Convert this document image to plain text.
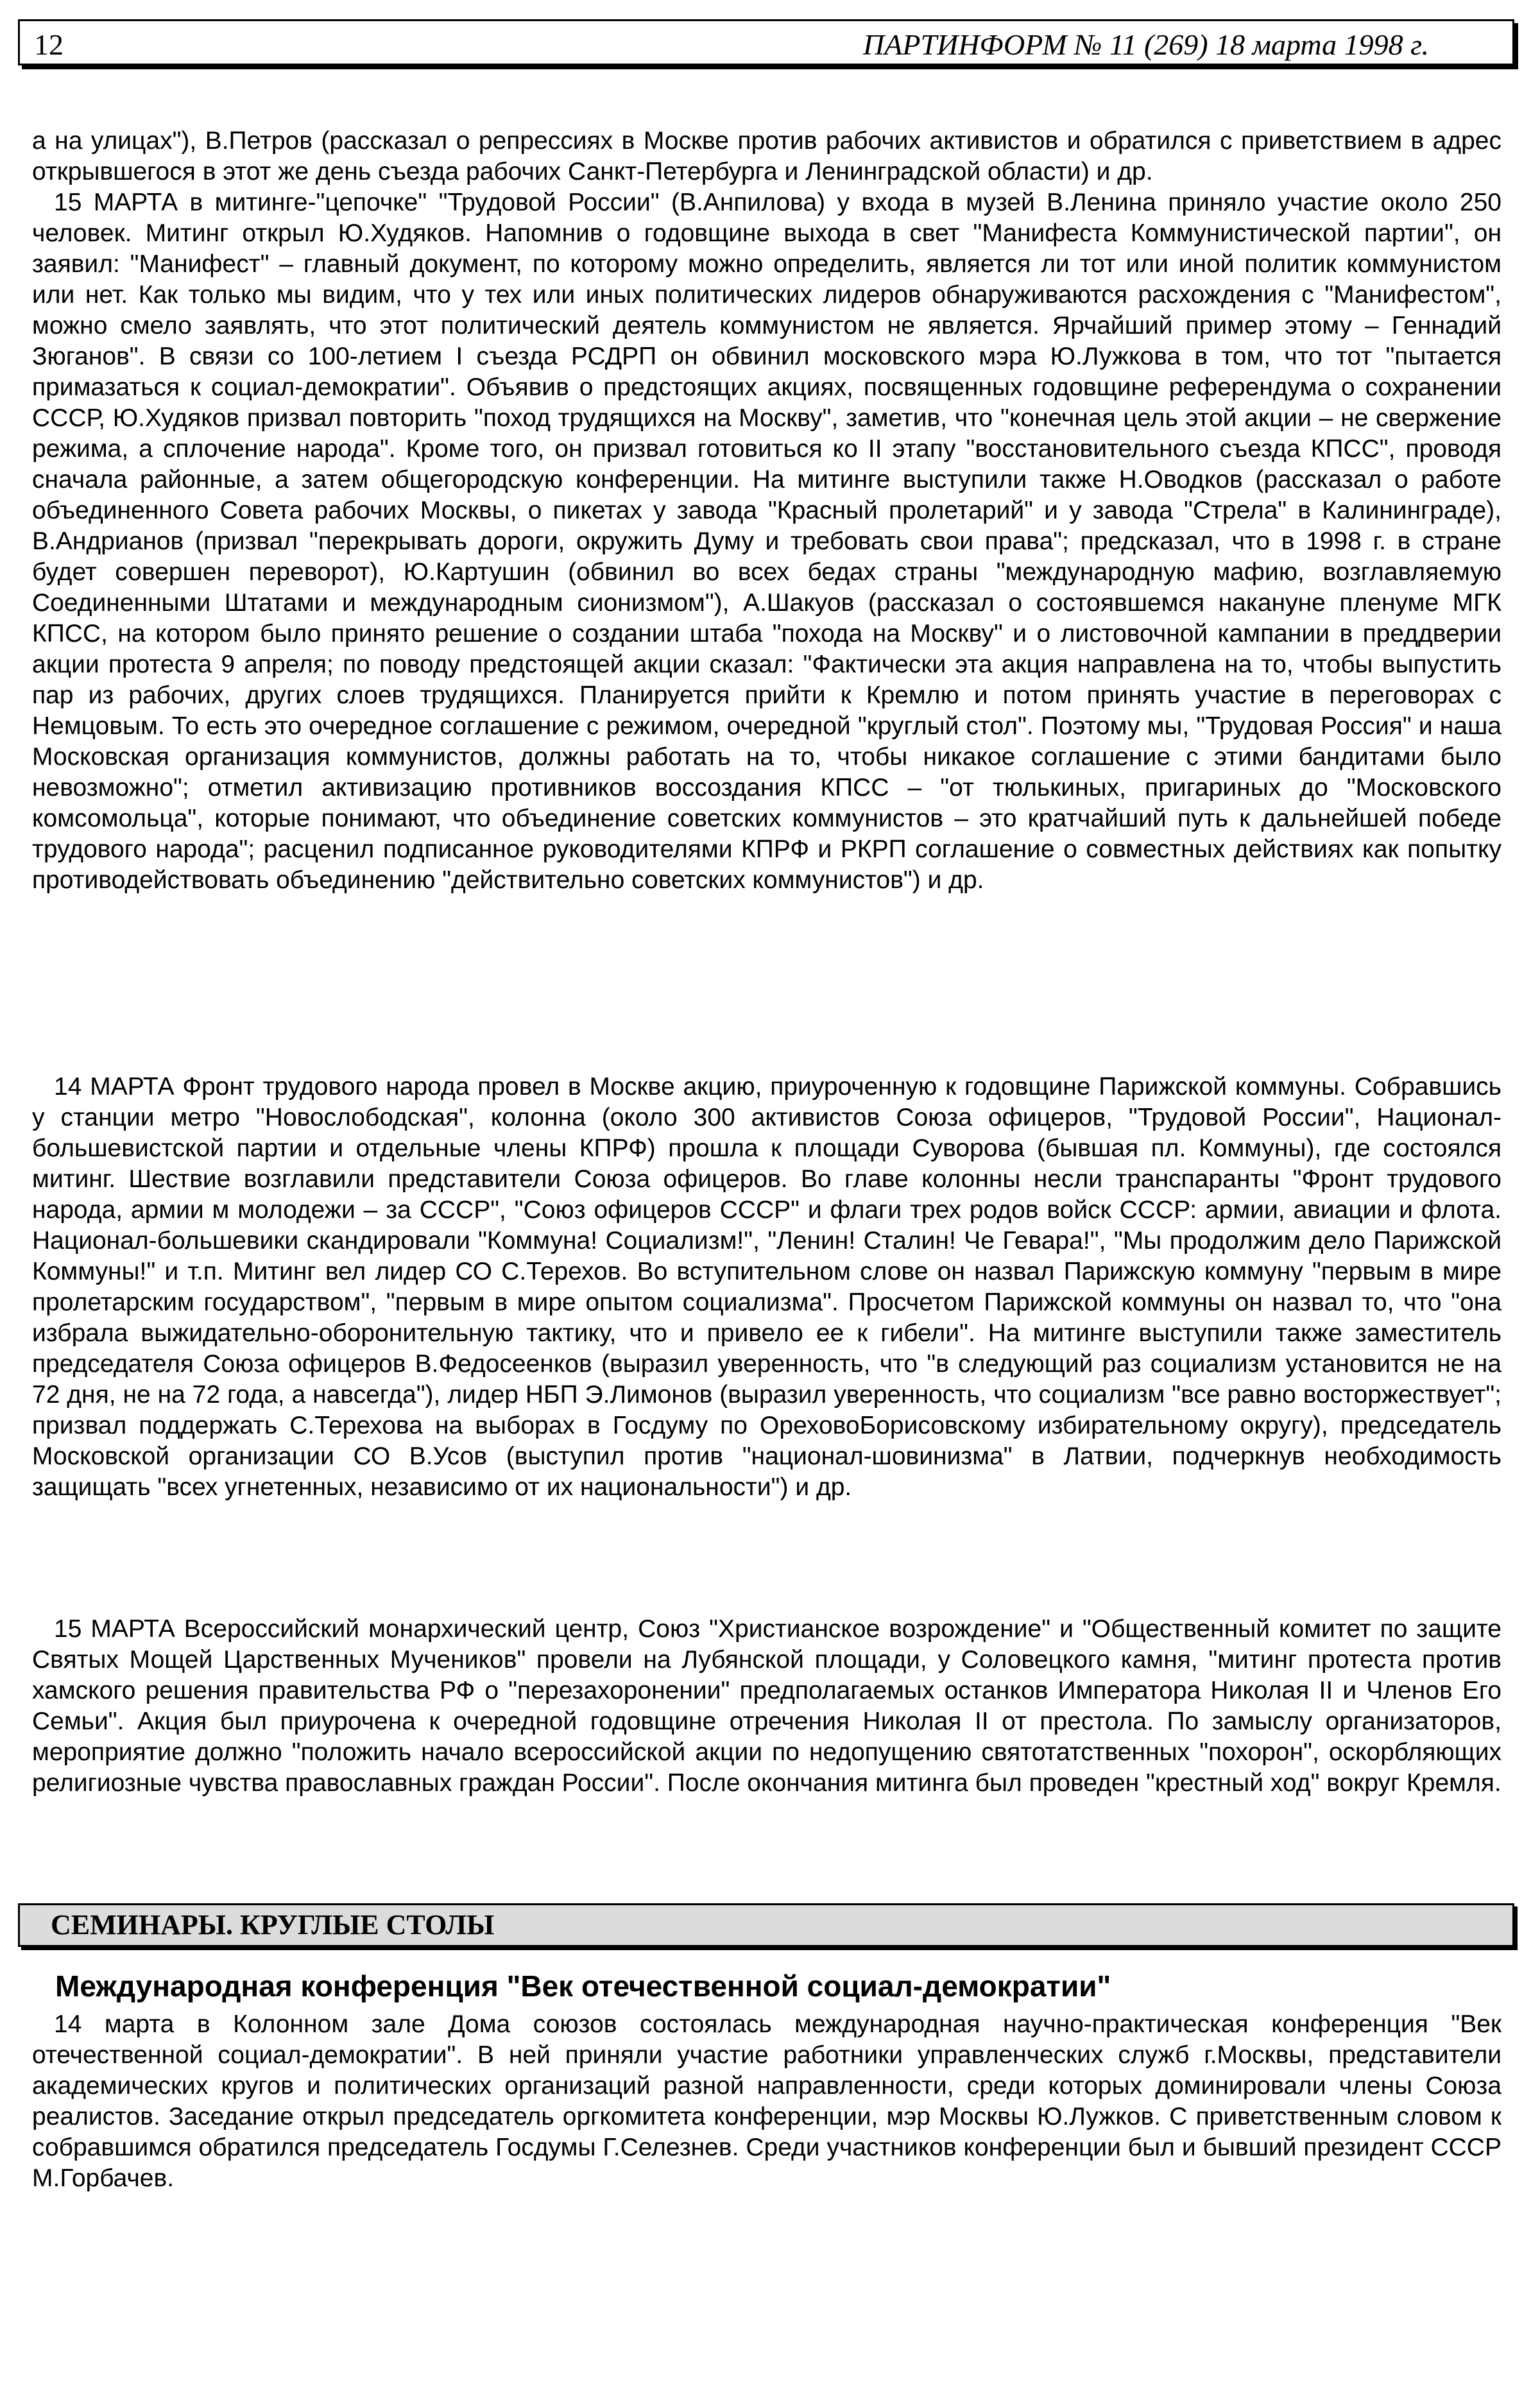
12	ПАРТИНФОРМ № 11 (269) 18 марта 1998 г.

а на улицах"), В.Петров (рассказал о репрессиях в Москве против рабочих активистов и обратился с приветствием в адрес открывшегося в этот же день съезда рабочих Санкт-Петербурга и Ленинградской области) и др.

15 МАРТА в митинге-"цепочке" "Трудовой России" (В.Анпилова) у входа в музей В.Ленина приняло участие около 250 человек. Митинг открыл Ю.Худяков. Напомнив о годовщине выхода в свет "Манифеста Коммунистической партии", он заявил: "Манифест" – главный документ, по которому можно определить, является ли тот или иной политик коммунистом или нет. Как только мы видим, что у тех или иных политических лидеров обнаруживаются расхождения с "Манифестом", можно смело заявлять, что этот политический деятель коммунистом не является. Ярчайший пример этому – Геннадий Зюганов". В связи со 100-летием I съезда РСДРП он обвинил московского мэра Ю.Лужкова в том, что тот "пытается примазаться к социал-демократии". Объявив о предстоящих акциях, посвященных годовщине референдума о сохранении СССР, Ю.Худяков призвал повторить "поход трудящихся на Москву", заметив, что "конечная цель этой акции – не свержение режима, а сплочение народа". Кроме того, он призвал готовиться ко II этапу "восстановительного съезда КПСС", проводя сначала районные, а затем общегородскую конференции. На митинге выступили также Н.Оводков (рассказал о работе объединенного Совета рабочих Москвы, о пикетах у завода "Красный пролетарий" и у завода "Стрела" в Калининграде), В.Андрианов (призвал "перекрывать дороги, окружить Думу и требовать свои права"; предсказал, что в 1998 г. в стране будет совершен переворот), Ю.Картушин (обвинил во всех бедах страны "международную мафию, возглавляемую Соединенными Штатами и международным сионизмом"), А.Шакуов (рассказал о состоявшемся накануне пленуме МГК КПСС, на котором было принято решение о создании штаба "похода на Москву" и о листовочной кампании в преддверии акции протеста 9 апреля; по поводу предстоящей акции сказал: "Фактически эта акция направлена на то, чтобы выпустить пар из рабочих, других слоев трудящихся. Планируется прийти к Кремлю и потом принять участие в переговорах с Немцовым. То есть это очередное соглашение с режимом, очередной "круглый стол". Поэтому мы, "Трудовая Россия" и наша Московская организация коммунистов, должны работать на то, чтобы никакое соглашение с этими бандитами было невозможно"; отметил активизацию противников воссоздания КПСС – "от тюлькиных, пригариных до "Московского комсомольца", которые понимают, что объединение советских коммунистов – это кратчайший путь к дальнейшей победе трудового народа"; расценил подписанное руководителями КПРФ и РКРП соглашение о совместных действиях как попытку противодействовать объединению "действительно советских коммунистов") и др.

14 МАРТА Фронт трудового народа провел в Москве акцию, приуроченную к годовщине Парижской коммуны. Собравшись у станции метро "Новослободская", колонна (около 300 активистов Союза офицеров, "Трудовой России", Национал-большевистской партии и отдельные члены КПРФ) прошла к площади Суворова (бывшая пл. Коммуны), где состоялся митинг. Шествие возглавили представители Союза офицеров. Во главе колонны несли транспаранты "Фронт трудового народа, армии м молодежи – за СССР", "Союз офицеров СССР" и флаги трех родов войск СССР: армии, авиации и флота. Национал-большевики скандировали "Коммуна! Социализм!", "Ленин! Сталин! Че Гевара!", "Мы продолжим дело Парижской Коммуны!" и т.п. Митинг вел лидер СО С.Терехов. Во вступительном слове он назвал Парижскую коммуну "первым в мире пролетарским государством", "первым в мире опытом социализма". Просчетом Парижской коммуны он назвал то, что "она избрала выжидательно-оборонительную тактику, что и привело ее к гибели". На митинге выступили также заместитель председателя Союза офицеров В.Федосеенков (выразил уверенность, что "в следующий раз социализм установится не на 72 дня, не на 72 года, а навсегда"), лидер НБП Э.Лимонов (выразил уверенность, что социализм "все равно восторжествует"; призвал поддержать С.Терехова на выборах в Госдуму по ОреховоБорисовскому избирательному округу), председатель Московской организации СО В.Усов (выступил против "национал-шовинизма" в Латвии, подчеркнув необходимость защищать "всех угнетенных, независимо от их национальности") и др.

15 МАРТА Всероссийский монархический центр, Союз "Христианское возрождение" и "Общественный комитет по защите Святых Мощей Царственных Мучеников" провели на Лубянской площади, у Соловецкого камня, "митинг протеста против хамского решения правительства РФ о "перезахоронении" предполагаемых останков Императора Николая II и Членов Его Семьи". Акция был приурочена к очередной годовщине отречения Николая II от престола. По замыслу организаторов, мероприятие должно "положить начало всероссийской акции по недопущению святотатственных "похорон", оскорбляющих религиозные чувства православных граждан России". После окончания митинга был проведен "крестный ход" вокруг Кремля.

СЕМИНАРЫ. КРУГЛЫЕ СТОЛЫ
Международная конференция "Век отечественной социал-демократии"

14 марта в Колонном зале Дома союзов состоялась международная научно-практическая конференция "Век отечественной социал-демократии". В ней приняли участие работники управленческих служб г.Москвы, представители академических кругов и политических организаций разной направленности, среди которых доминировали члены Союза реалистов. Заседание открыл председатель оргкомитета конференции, мэр Москвы Ю.Лужков. С приветственным словом к собравшимся обратился председатель Госдумы Г.Селезнев. Среди участников конференции был и бывший президент СССР М.Горбачев.
